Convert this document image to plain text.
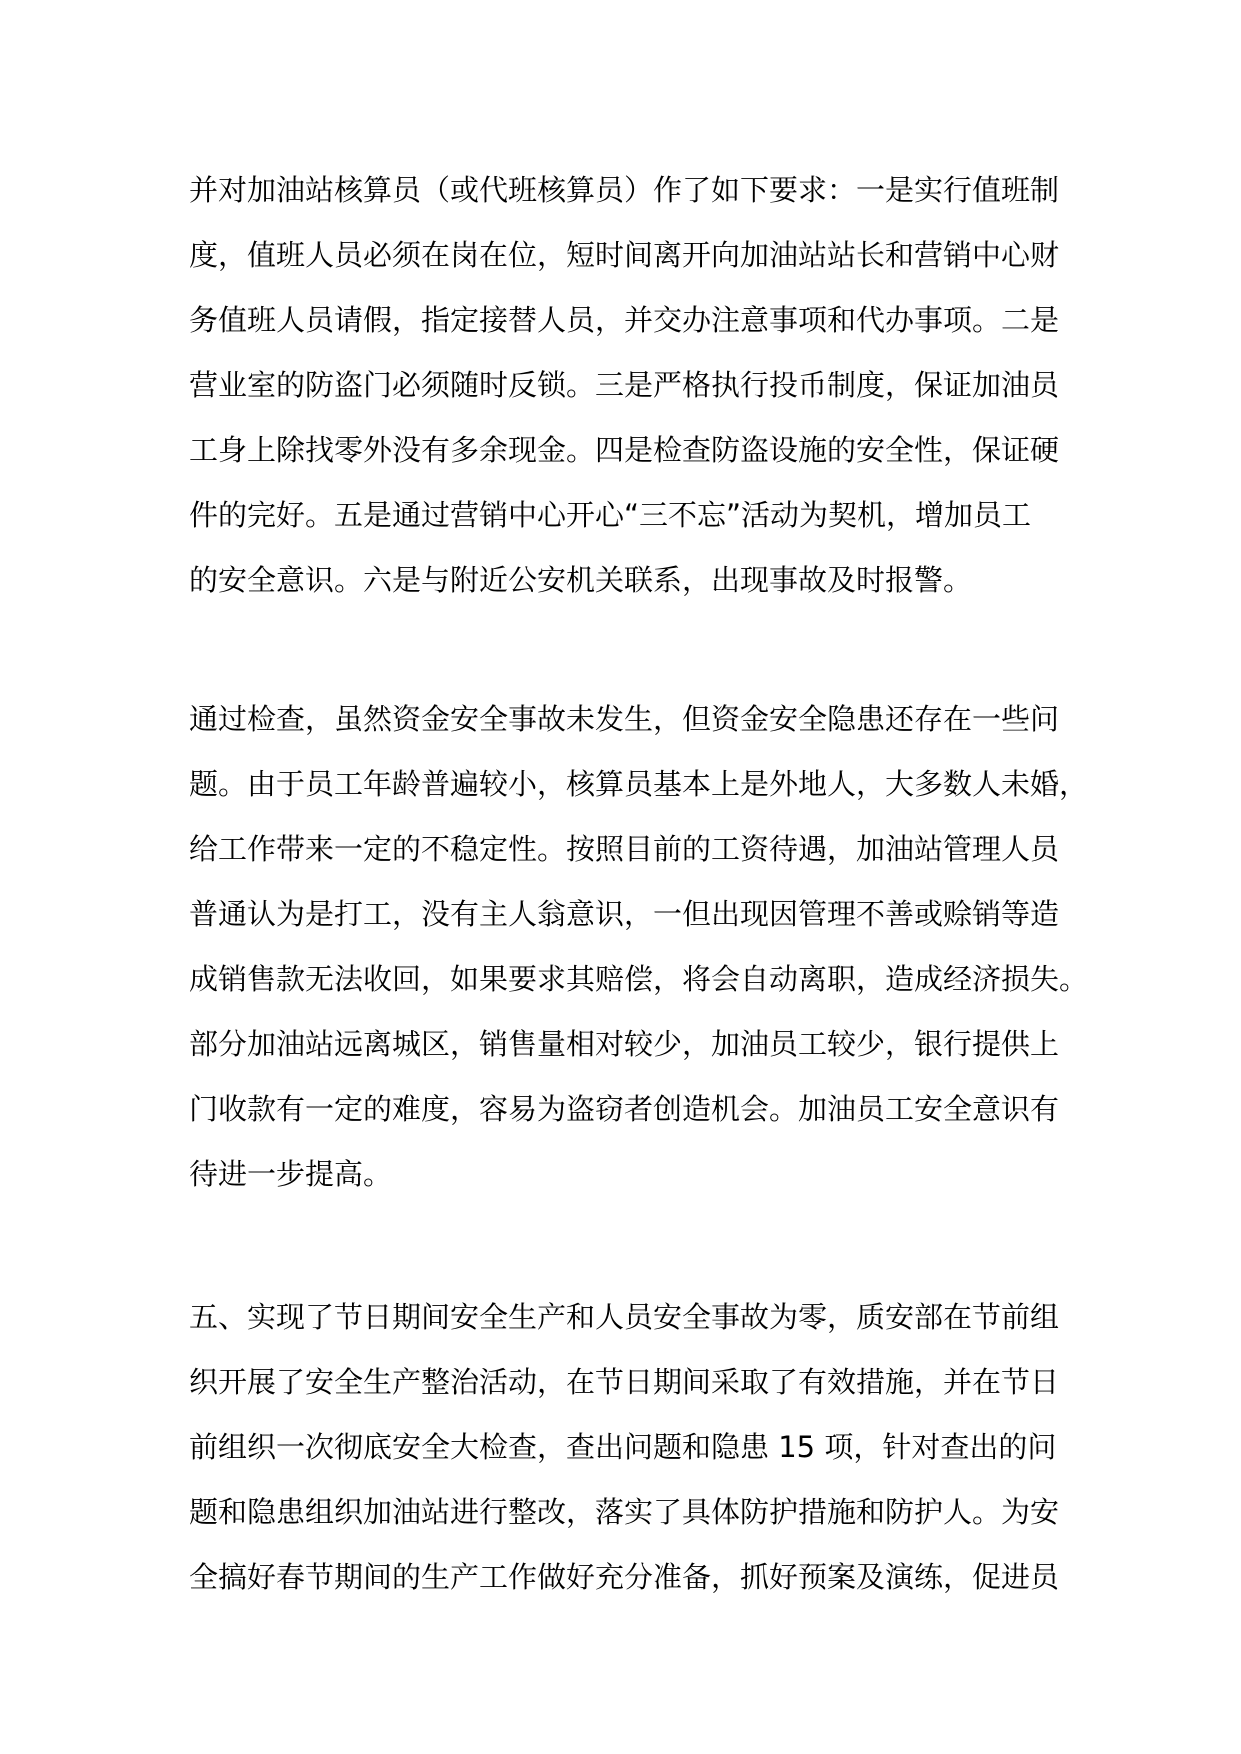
并对加油站核算员（或代班核算员）作了如下要求：一是实行值班制
度，值班人员必须在岗在位，短时间离开向加油站站长和营销中心财
务值班人员请假，指定接替人员，并交办注意事项和代办事项。二是
营业室的防盗门必须随时反锁。三是严格执行投币制度，保证加油员
工身上除找零外没有多余现金。四是检查防盗设施的安全性，保证硬
件的完好。五是通过营销中心开心“三不忘”活动为契机，增加员工
的安全意识。六是与附近公安机关联系，出现事故及时报警。
通过检查，虽然资金安全事故未发生，但资金安全隐患还存在一些问
题。由于员工年龄普遍较小，核算员基本上是外地人，大多数人未婚，
给工作带来一定的不稳定性。按照目前的工资待遇，加油站管理人员
普通认为是打工，没有主人翁意识，一但出现因管理不善或赊销等造
成销售款无法收回，如果要求其赔偿，将会自动离职，造成经济损失。
部分加油站远离城区，销售量相对较少，加油员工较少，银行提供上
门收款有一定的难度，容易为盗窃者创造机会。加油员工安全意识有
待进一步提高。
五、实现了节日期间安全生产和人员安全事故为零，质安部在节前组
织开展了安全生产整治活动，在节日期间采取了有效措施，并在节日
前组织一次彻底安全大检查，查出问题和隐患 15 项，针对查出的问
题和隐患组织加油站进行整改，落实了具体防护措施和防护人。为安
全搞好春节期间的生产工作做好充分准备，抓好预案及演练，促进员
